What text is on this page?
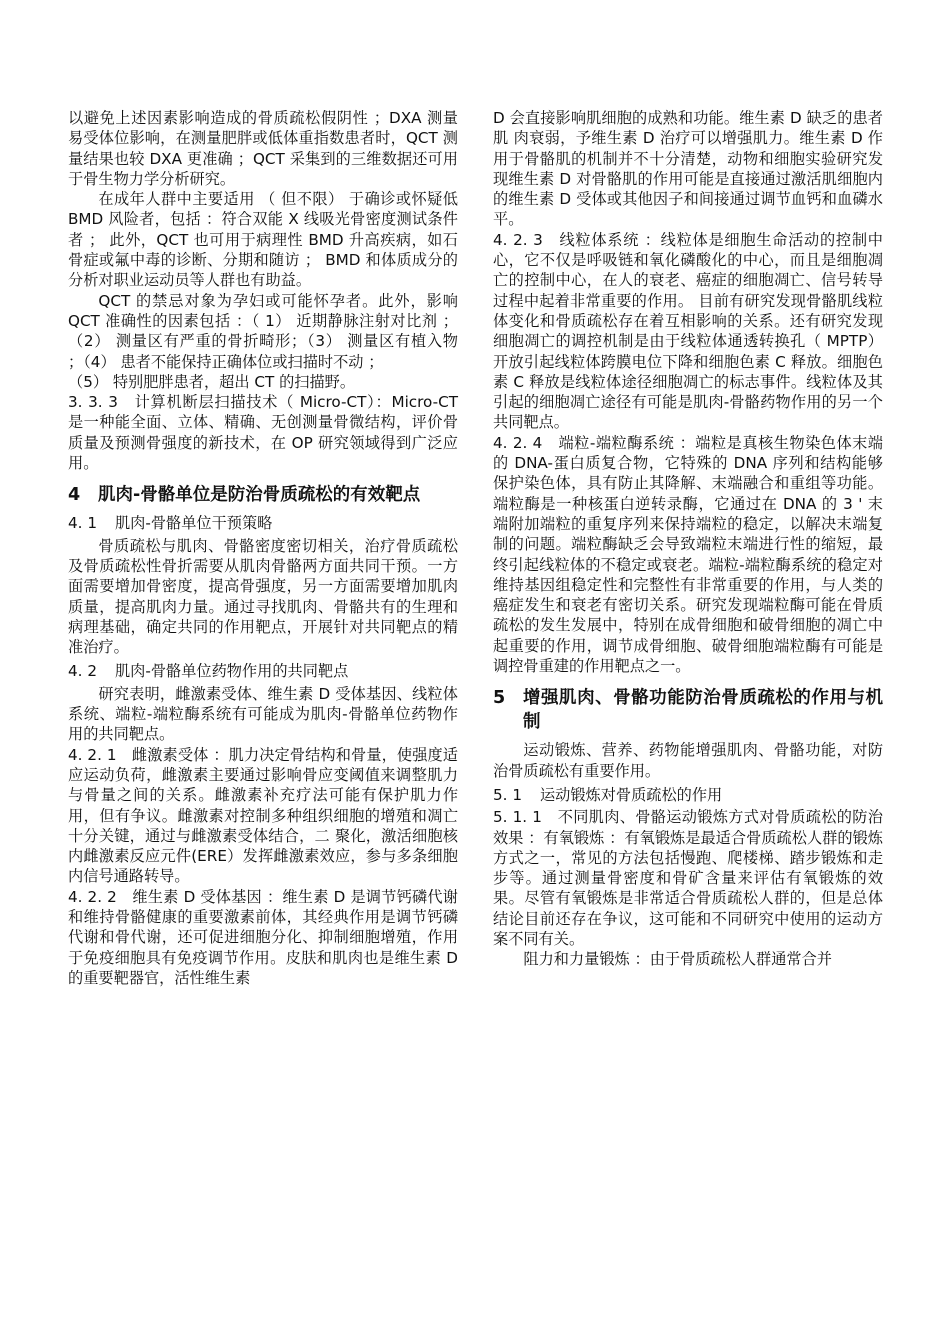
以避免上述因素影响造成的骨质疏松假阴性 ；DXA 测量易受体位影响，在测量肥胖或低体重指数患者时，QCT 测量结果也较 DXA 更准确 ；QCT 采集到的三维数据还可用于骨生物力学分析研究。

在成年人群中主要适用 （ 但不限） 于确诊或怀疑低 BMD 风险者，包括 ：符合双能 X 线吸光骨密度测试条件者 ； 此外，QCT 也可用于病理性 BMD 升高疾病，如石骨症或氟中毒的诊断、分期和随访 ； BMD 和体质成分的分析对职业运动员等人群也有助益。

QCT 的禁忌对象为孕妇或可能怀孕者。此外，影响 QCT 准确性的因素包括 ：（ 1） 近期静脉注射对比剂 ；（2） 测量区有严重的骨折畸形；（3） 测量区有植入物 ；（4） 患者不能保持正确体位或扫描时不动 ；

（5） 特别肥胖患者，超出 CT 的扫描野。

3. 3. 3　计算机断层扫描技术（ Micro-CT）：Micro-CT 是一种能全面、立体、精确、无创测量骨微结构，评价骨质量及预测骨强度的新技术，在 OP 研究领域得到广泛应用。

4	肌肉-骨骼单位是防治骨质疏松的有效靶点

4. 1 肌肉-骨骼单位干预策略

骨质疏松与肌肉、骨骼密度密切相关，治疗骨质疏松及骨质疏松性骨折需要从肌肉骨骼两方面共同干预。一方面需要增加骨密度，提高骨强度，另一方面需要增加肌肉质量，提高肌肉力量。通过寻找肌肉、骨骼共有的生理和病理基础，确定共同的作用靶点，开展针对共同靶点的精准治疗。

4. 2 肌肉-骨骼单位药物作用的共同靶点

研究表明，雌激素受体、维生素 D 受体基因、线粒体系统、端粒-端粒酶系统有可能成为肌肉-骨骼单位药物作用的共同靶点。

4. 2. 1　雌激素受体 ：肌力决定骨结构和骨量，使强度适应运动负荷，雌激素主要通过影响骨应变阈值来调整肌力与骨量之间的关系。雌激素补充疗法可能有保护肌力作用，但有争议。雌激素对控制多种组织细胞的增殖和凋亡十分关键，通过与雌激素受体结合，二 聚化，激活细胞核内雌激素反应元件(ERE）发挥雌激素效应，参与多条细胞内信号通路转导。

4. 2. 2　维生素 D 受体基因 ：维生素 D 是调节钙磷代谢和维持骨骼健康的重要激素前体，其经典作用是调节钙磷代谢和骨代谢，还可促进细胞分化、抑制细胞增殖，作用于免疫细胞具有免疫调节作用。皮肤和肌肉也是维生素 D 的重要靶器官，活性维生素

D 会直接影响肌细胞的成熟和功能。维生素 D 缺乏的患者肌 肉衰弱，予维生素 D 治疗可以增强肌力。维生素 D 作用于骨骼肌的机制并不十分清楚，动物和细胞实验研究发现维生素 D 对骨骼肌的作用可能是直接通过激活肌细胞内的维生素 D 受体或其他因子和间接通过调节血钙和血磷水平。

4. 2. 3　线粒体系统 ：线粒体是细胞生命活动的控制中心，它不仅是呼吸链和氧化磷酸化的中心，而且是细胞凋亡的控制中心，在人的衰老、癌症的细胞凋亡、信号转导过程中起着非常重要的作用。 目前有研究发现骨骼肌线粒体变化和骨质疏松存在着互相影响的关系。还有研究发现细胞凋亡的调控机制是由于线粒体通透转换孔（ MPTP）开放引起线粒体跨膜电位下降和细胞色素 C 释放。细胞色素 C 释放是线粒体途径细胞凋亡的标志事件。线粒体及其引起的细胞凋亡途径有可能是肌肉-骨骼药物作用的另一个共同靶点。

4. 2. 4　端粒-端粒酶系统 ：端粒是真核生物染色体末端的 DNA-蛋白质复合物，它特殊的 DNA 序列和结构能够保护染色体，具有防止其降解、末端融合和重组等功能。端粒酶是一种核蛋白逆转录酶，它通过在 DNA 的 3 ' 末端附加端粒的重复序列来保持端粒的稳定，以解决末端复制的问题。端粒酶缺乏会导致端粒末端进行性的缩短，最终引起线粒体的不稳定或衰老。端粒-端粒酶系统的稳定对维持基因组稳定性和完整性有非常重要的作用，与人类的癌症发生和衰老有密切关系。研究发现端粒酶可能在骨质疏松的发生发展中，特别在成骨细胞和破骨细胞的凋亡中起重要的作用，调节成骨细胞、破骨细胞端粒酶有可能是调控骨重建的作用靶点之一。

5	增强肌肉、骨骼功能防治骨质疏松的作用与机制

运动锻炼、营养、药物能增强肌肉、骨骼功能，对防治骨质疏松有重要作用。

5. 1 运动锻炼对骨质疏松的作用

5. 1. 1　不同肌肉、骨骼运动锻炼方式对骨质疏松的防治效果 ：有氧锻炼 ：有氧锻炼是最适合骨质疏松人群的锻炼方式之一，常见的方法包括慢跑、爬楼梯、踏步锻炼和走步等。通过测量骨密度和骨矿含量来评估有氧锻炼的效果。尽管有氧锻炼是非常适合骨质疏松人群的，但是总体结论目前还存在争议，这可能和不同研究中使用的运动方案不同有关。

阻力和力量锻炼 ：由于骨质疏松人群通常合并
